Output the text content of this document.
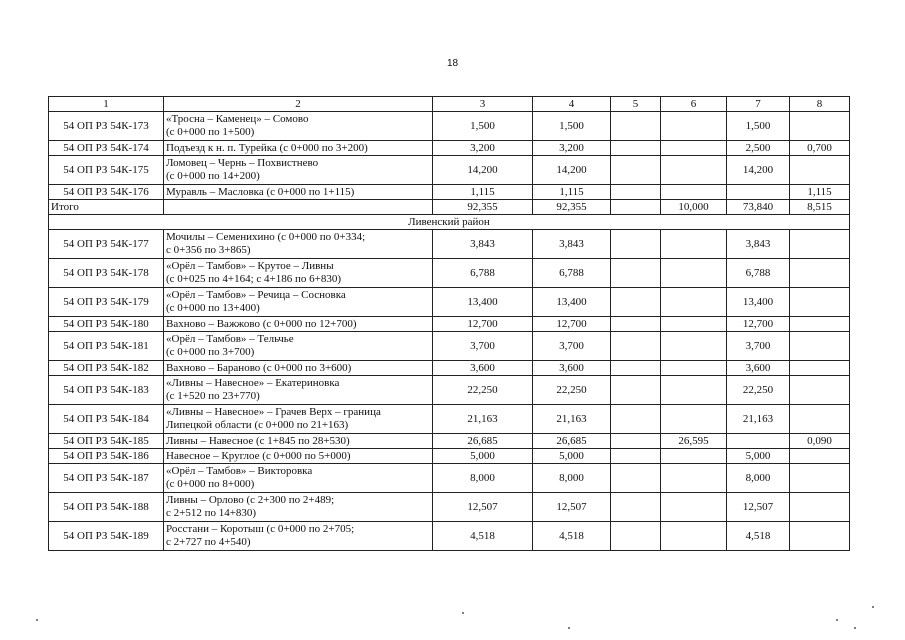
18
1	2	3	4	5	6	7	8
54 ОП РЗ 54К-173	«Тросна – Каменец» – Сомово
(с 0+000 по 1+500)	1,500	1,500			1,500	
54 ОП РЗ 54К-174	Подъезд к н. п. Турейка (с 0+000 по 3+200)	3,200	3,200			2,500	0,700
54 ОП РЗ 54К-175	Ломовец – Чернь – Похвистнево
(с 0+000 по 14+200)	14,200	14,200			14,200	
54 ОП РЗ 54К-176	Муравль – Масловка (с 0+000 по 1+115)	1,115	1,115				1,115
Итого		92,355	92,355		10,000	73,840	8,515
Ливенский район							
54 ОП РЗ 54К-177	Мочилы – Семенихино (с 0+000 по 0+334;
с 0+356 по 3+865)	3,843	3,843			3,843	
54 ОП РЗ 54К-178	«Орёл – Тамбов» – Крутое – Ливны
(с 0+025 по 4+164; с 4+186 по 6+830)	6,788	6,788			6,788	
54 ОП РЗ 54К-179	«Орёл – Тамбов» – Речица – Сосновка
(с 0+000 по 13+400)	13,400	13,400			13,400	
54 ОП РЗ 54К-180	Вахново – Важжово (с 0+000 по 12+700)	12,700	12,700			12,700	
54 ОП РЗ 54К-181	«Орёл – Тамбов» – Тельчье
(с 0+000 по 3+700)	3,700	3,700			3,700	
54 ОП РЗ 54К-182	Вахново – Бараново (с 0+000 по 3+600)	3,600	3,600			3,600	
54 ОП РЗ 54К-183	«Ливны – Навесное» – Екатериновка
(с 1+520 по 23+770)	22,250	22,250			22,250	
54 ОП РЗ 54К-184	«Ливны – Навесное» – Грачев Верх – граница
Липецкой области (с 0+000 по 21+163)	21,163	21,163			21,163	
54 ОП РЗ 54К-185	Ливны – Навесное (с 1+845 по 28+530)	26,685	26,685		26,595		0,090
54 ОП РЗ 54К-186	Навесное – Круглое (с 0+000 по 5+000)	5,000	5,000			5,000	
54 ОП РЗ 54К-187	«Орёл – Тамбов» – Викторовка
(с 0+000 по 8+000)	8,000	8,000			8,000	
54 ОП РЗ 54К-188	Ливны – Орлово (с 2+300 по 2+489;
с 2+512 по 14+830)	12,507	12,507			12,507	
54 ОП РЗ 54К-189	Росстани – Коротыш (с 0+000 по 2+705;
с 2+727 по 4+540)	4,518	4,518			4,518	
